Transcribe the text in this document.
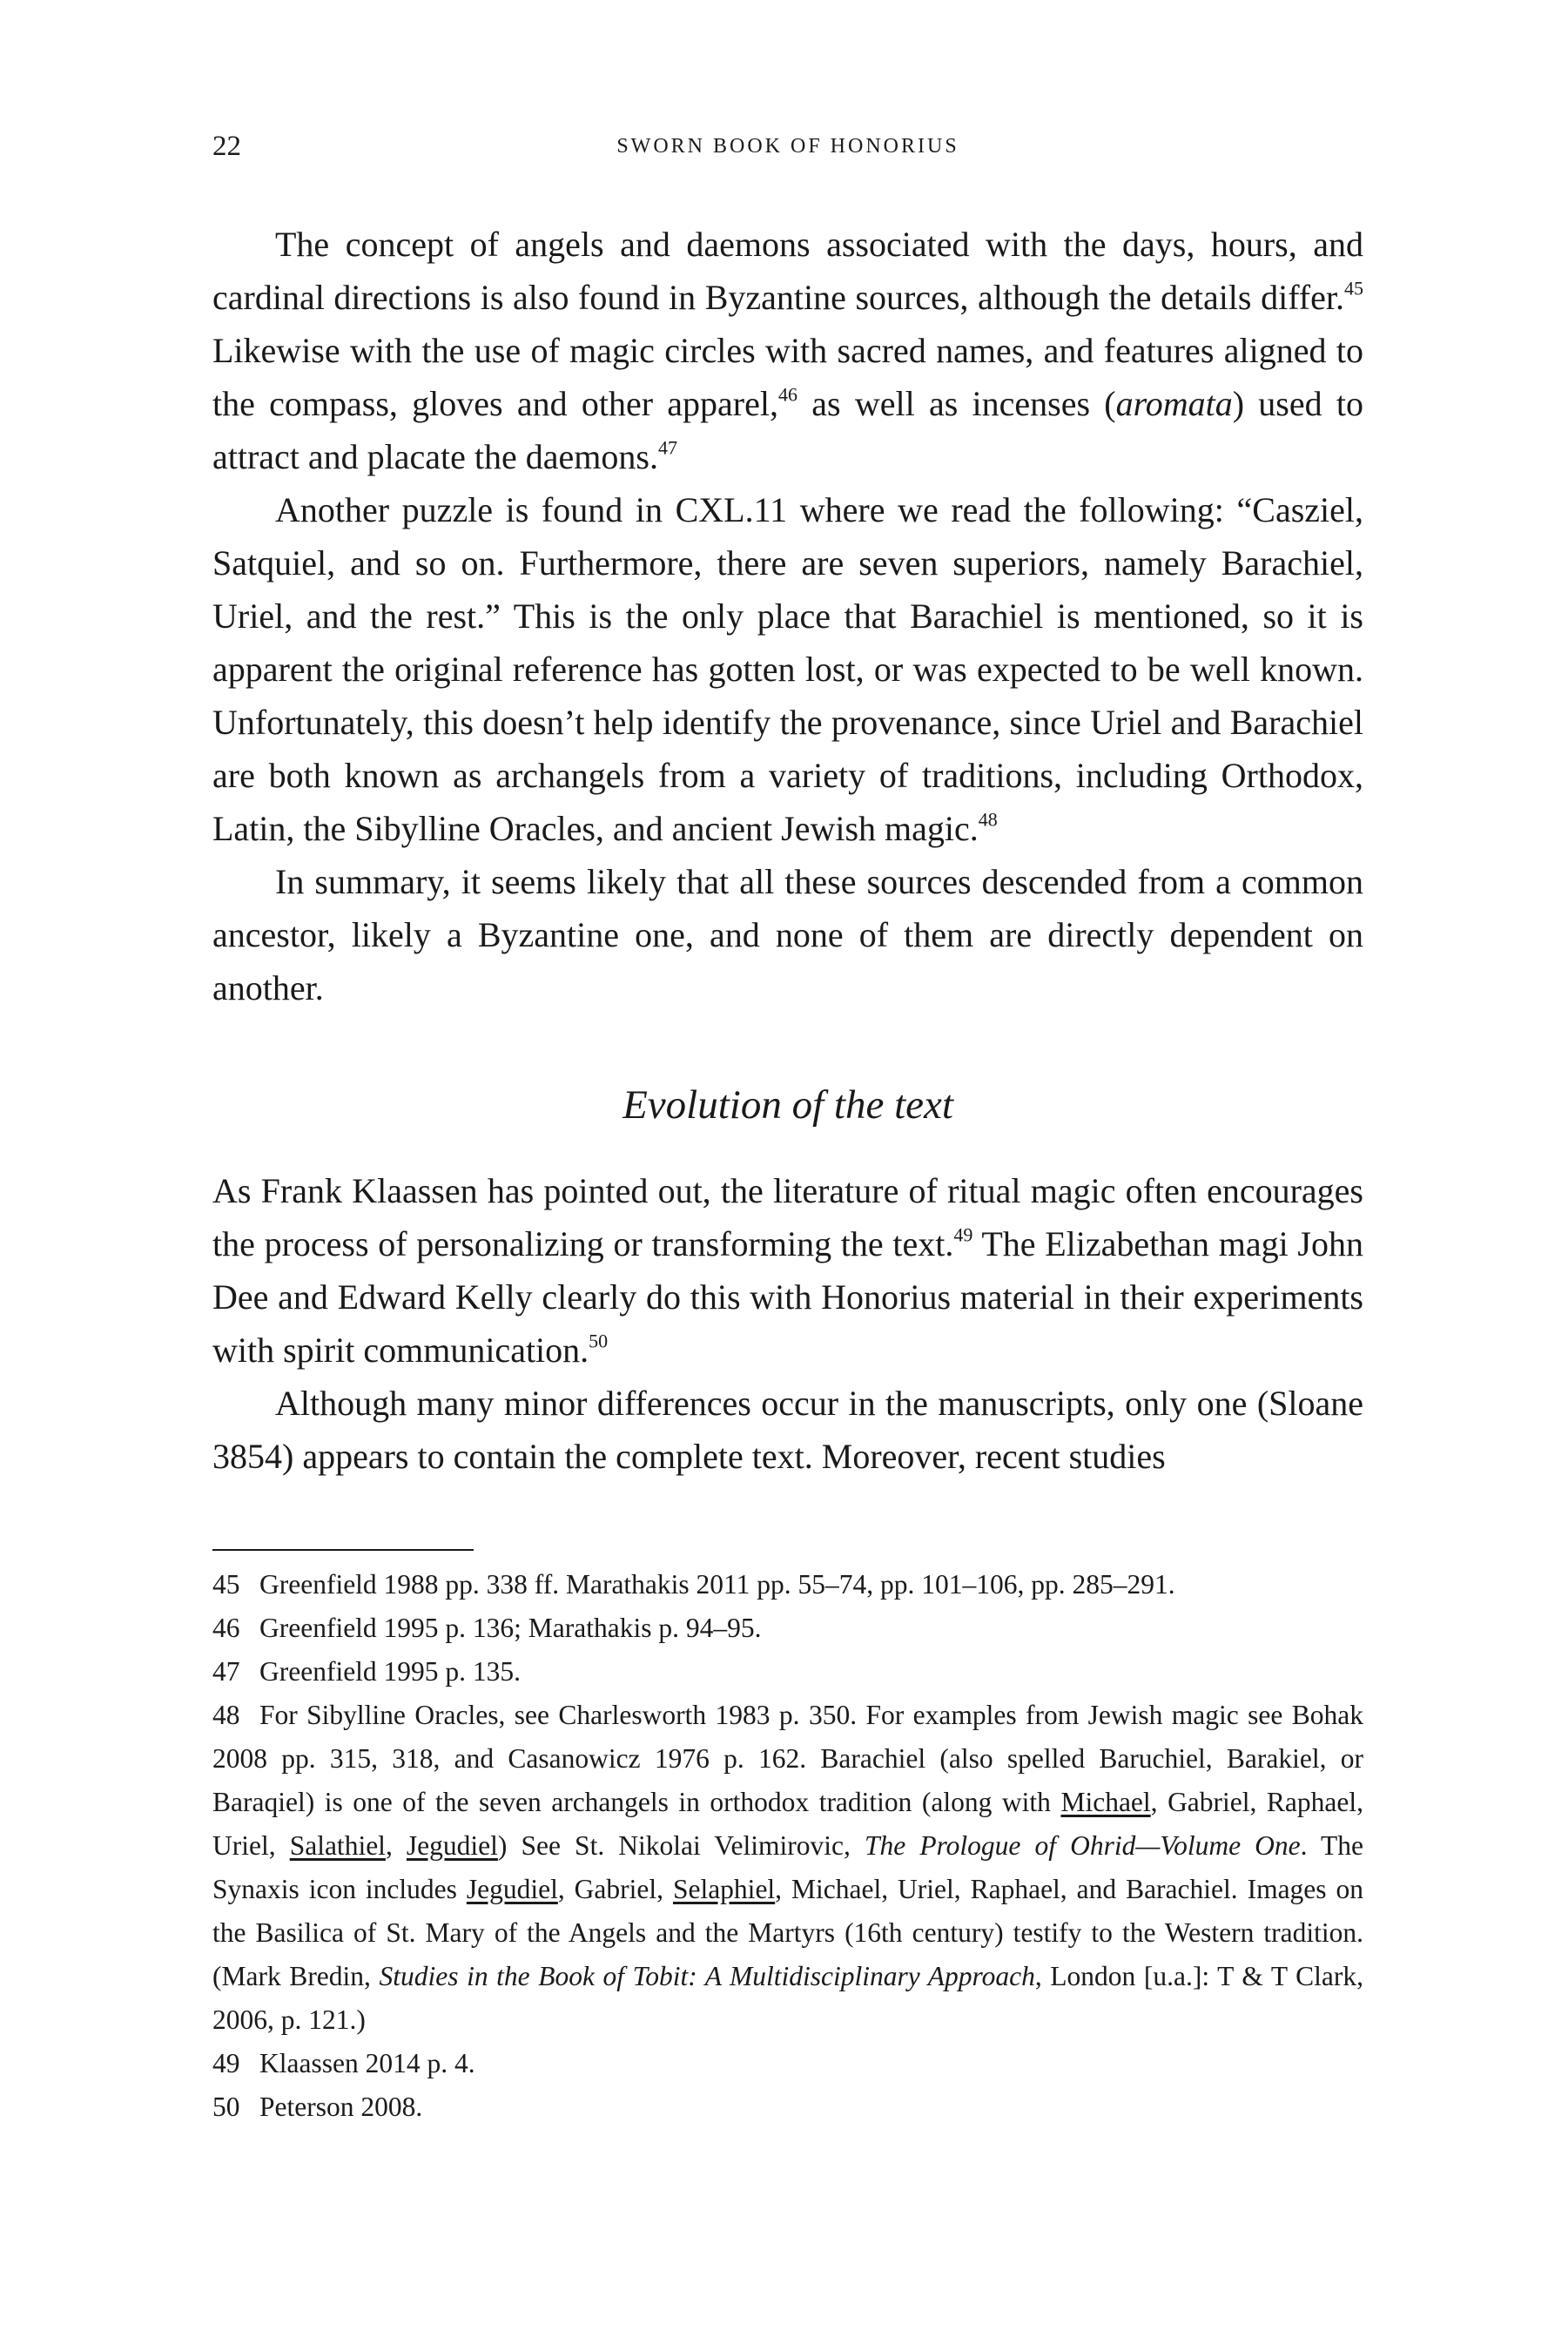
22	SWORN BOOK OF HONORIUS

The concept of angels and daemons associated with the days, hours, and cardinal directions is also found in Byzantine sources, although the details differ.$^{45}$ Likewise with the use of magic circles with sacred names, and features aligned to the compass, gloves and other apparel,$^{46}$ as well as incenses (aromata) used to attract and placate the daemons.$^{47}$

Another puzzle is found in CXL.11 where we read the following: “Casziel, Satquiel, and so on. Furthermore, there are seven superiors, namely Barachiel, Uriel, and the rest.” This is the only place that Barachiel is mentioned, so it is apparent the original reference has gotten lost, or was expected to be well known. Unfortunately, this doesn’t help identify the provenance, since Uriel and Barachiel are both known as archangels from a variety of traditions, including Orthodox, Latin, the Sibylline Oracles, and ancient Jewish magic.$^{48}$

In summary, it seems likely that all these sources descended from a common ancestor, likely a Byzantine one, and none of them are directly dependent on another.

Evolution of the text

As Frank Klaassen has pointed out, the literature of ritual magic often encourages the process of personalizing or transforming the text.$^{49}$ The Elizabethan magi John Dee and Edward Kelly clearly do this with Honorius material in their experiments with spirit communication.$^{50}$

Although many minor differences occur in the manuscripts, only one (Sloane 3854) appears to contain the complete text. Moreover, recent studies

45 Greenfield 1988 pp. 338 ff. Marathakis 2011 pp. 55–74, pp. 101–106, pp. 285–291.

46 Greenfield 1995 p. 136; Marathakis p. 94–95.

47 Greenfield 1995 p. 135.

48 For Sibylline Oracles, see Charlesworth 1983 p. 350. For examples from Jewish magic see Bohak 2008 pp. 315, 318, and Casanowicz 1976 p. 162. Barachiel (also spelled Baruchiel, Barakiel, or Baraqiel) is one of the seven archangels in orthodox tradition (along with Michael, Gabriel, Raphael, Uriel, Salathiel, Jegudiel) See St. Nikolai Velimirovic, The Prologue of Ohrid—Volume One. The Synaxis icon includes Jegudiel, Gabriel, Selaphiel, Michael, Uriel, Raphael, and Barachiel. Images on the Basilica of St. Mary of the Angels and the Martyrs (16th century) testify to the Western tradition. (Mark Bredin, Studies in the Book of Tobit: A Multidisciplinary Approach, London [u.a.]: T & T Clark, 2006, p. 121.)

49 Klaassen 2014 p. 4.

50 Peterson 2008.
